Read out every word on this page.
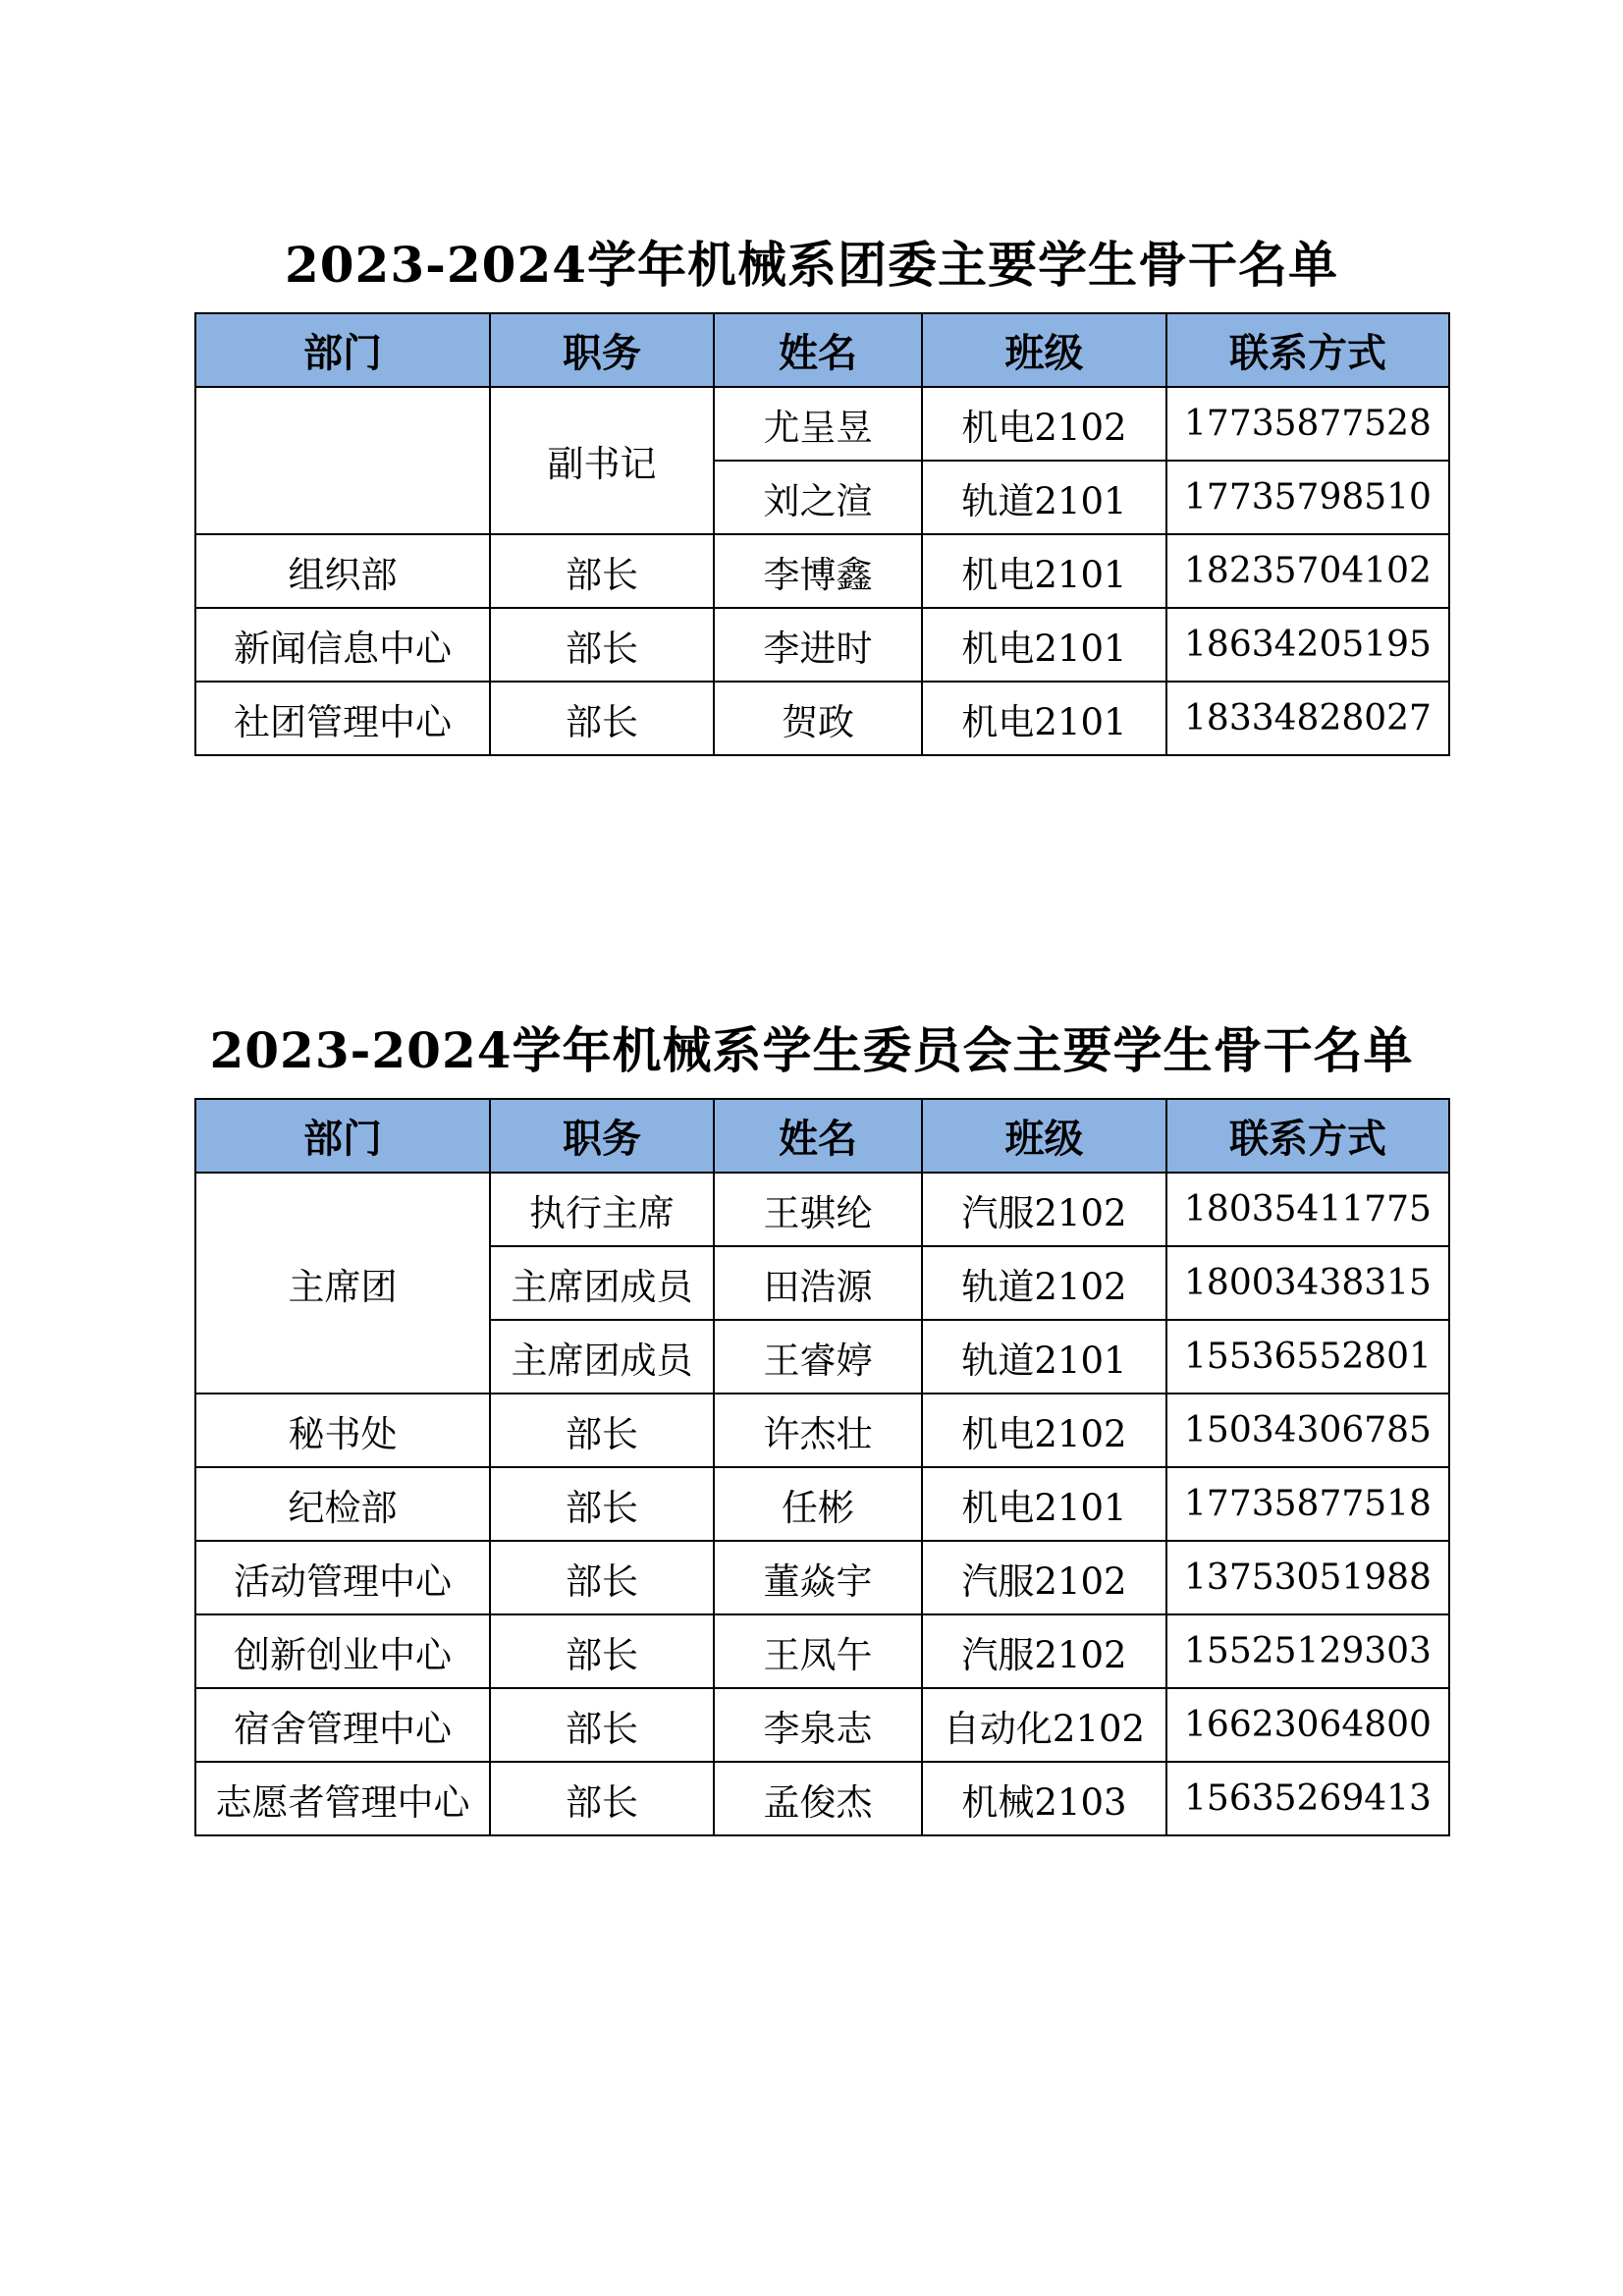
2023-2024学年机械系团委主要学生骨干名单
部门	职务	姓名	班级	联系方式
	副书记	尤呈昱	机电2102	17735877528
		刘之渲	轨道2101	17735798510
组织部	部长	李博鑫	机电2101	18235704102
新闻信息中心	部长	李进时	机电2101	18634205195
社团管理中心	部长	贺政	机电2101	18334828027
2023-2024学年机械系学生委员会主要学生骨干名单
部门	职务	姓名	班级	联系方式
主席团	执行主席	王骐纶	汽服2102	18035411775
	主席团成员	田浩源	轨道2102	18003438315
	主席团成员	王睿婷	轨道2101	15536552801
秘书处	部长	许杰壮	机电2102	15034306785
纪检部	部长	任彬	机电2101	17735877518
活动管理中心	部长	董焱宇	汽服2102	13753051988
创新创业中心	部长	王凤午	汽服2102	15525129303
宿舍管理中心	部长	李泉志	自动化2102	16623064800
志愿者管理中心	部长	孟俊杰	机械2103	15635269413
